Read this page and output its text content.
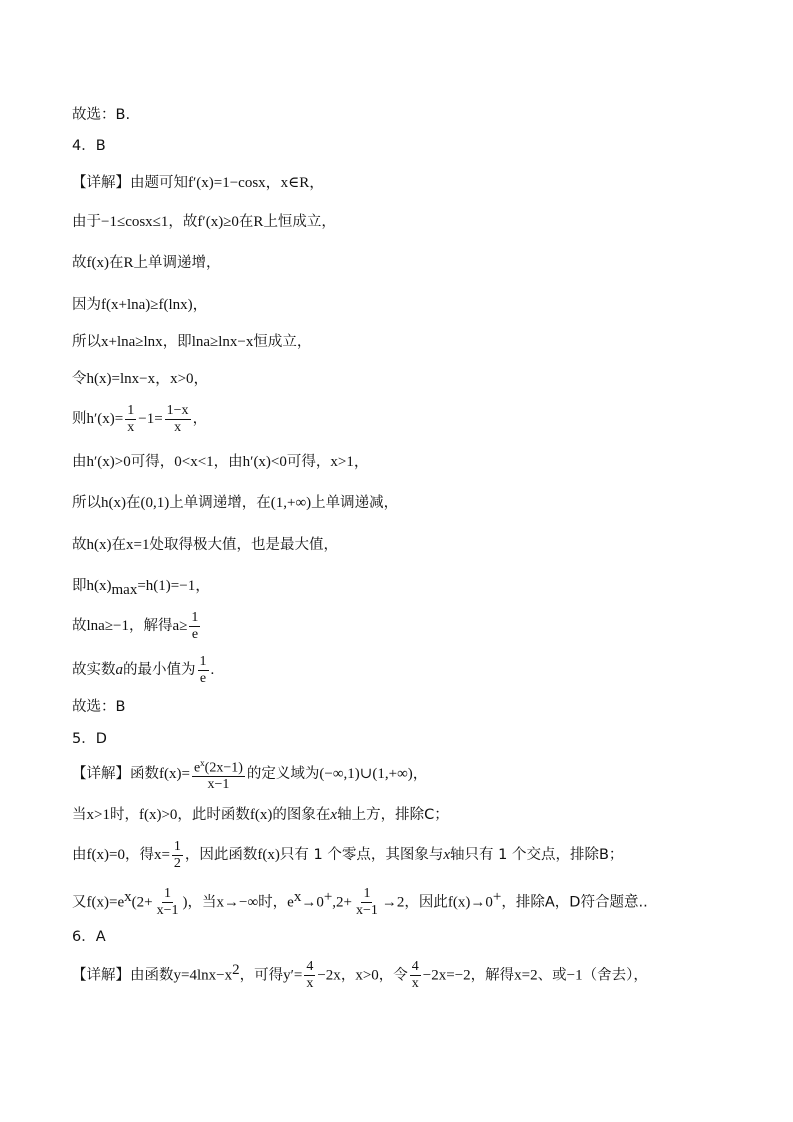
故选：B.
4．B
【详解】由题可知f′(x)=1−cosx，x∈R，
由于−1≤cosx≤1，故f′(x)≥0在R上恒成立，
故f(x)在R上单调递增，
因为f(x+lna)≥f(lnx)，
所以x+lna≥lnx，即lna≥lnx−x恒成立，
令h(x)=lnx−x，x>0，
则$h'(x)= \frac{1}{x} -1= \frac{1-x}{x}$ ，
由h′(x)>0可得，0<x<1，由h′(x)<0可得，x>1，
所以h(x)在(0,1)上单调递增，在(1,+∞)上单调递减，
故h(x)在x=1处取得极大值，也是最大值，
即$h(x)_{max}=h(1)=-1$，
故lna≥−1，解得$a\ge \frac{1}{e}$
故实数a的最小值为 $\frac{1}{e}$ .
故选：B
5．D
【详解】函数$f(x)= \frac{e^x(2x-1)}{x-1}$ 的定义域为(−∞,1)∪(1,+∞)，
当x>1时，f(x)>0，此时函数f(x)的图象在x轴上方，排除C；
由f(x)=0，得$x= \frac{1}{2}$ ，因此函数f(x)只有 1 个零点，其图象与x轴只有 1 个交点，排除B；
又$f(x)=e^x(2+ \frac{1}{x-1}$ )，当x→−∞时，$e^x\to 0^+,2+ \frac{1}{x-1} \to 2$，因此f(x)→0+，排除A，D符合题意..
6．A
【详解】由函数$y=4\ln x-x^2$，可得$y'= \frac{4}{x} -2x$，x>0，令 $\frac{4}{x} -2x=-2$，解得x=2、或−1（舍去），
